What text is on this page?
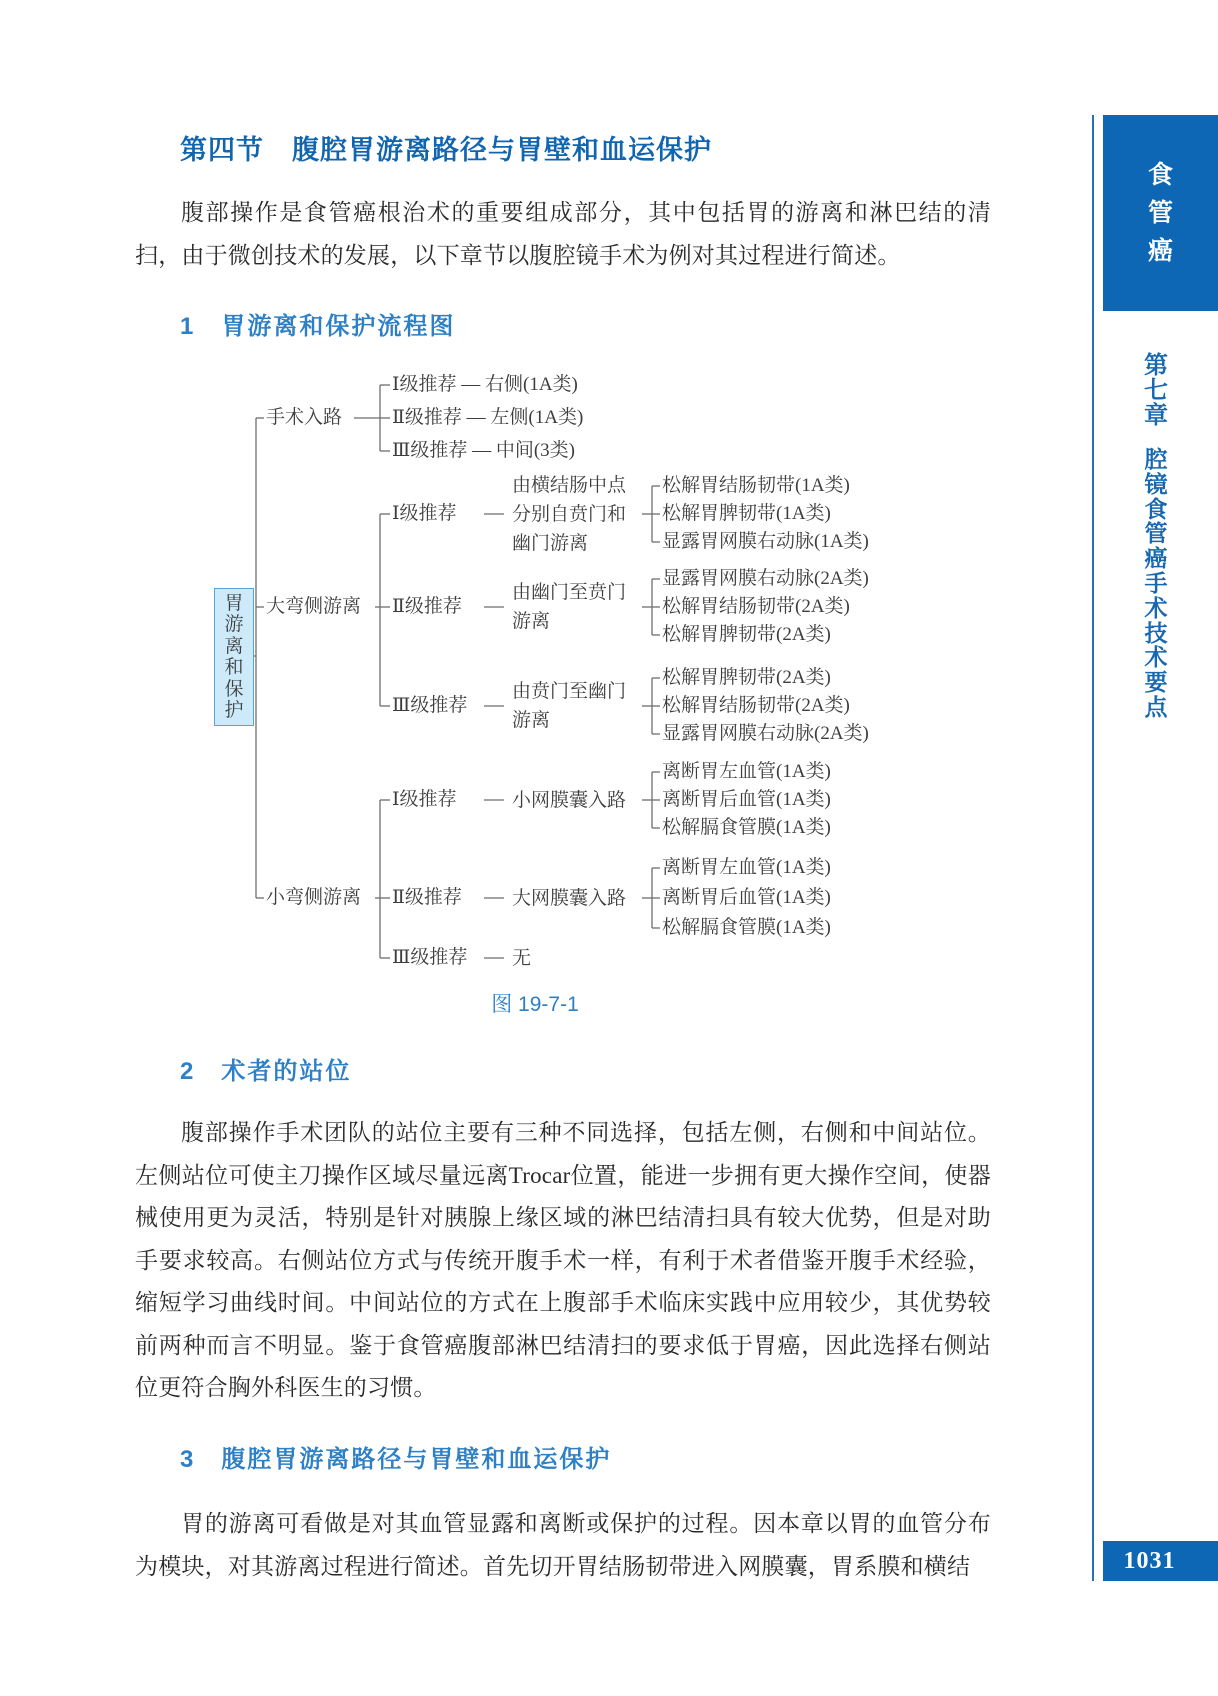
第四节　腹腔胃游离路径与胃壁和血运保护
腹部操作是食管癌根治术的重要组成部分，其中包括胃的游离和淋巴结的清扫，由于微创技术的发展，以下章节以腹腔镜手术为例对其过程进行简述。
1　胃游离和保护流程图
胃游离和保护
手术入路
Ⅰ级推荐 — 右侧(1A类)
Ⅱ级推荐 — 左侧(1A类)
Ⅲ级推荐 — 中间(3类)
大弯侧游离
Ⅰ级推荐
由横结肠中点
分别自贲门和
幽门游离
松解胃结肠韧带(1A类)
松解胃脾韧带(1A类)
显露胃网膜右动脉(1A类)
Ⅱ级推荐
由幽门至贲门
游离
显露胃网膜右动脉(2A类)
松解胃结肠韧带(2A类)
松解胃脾韧带(2A类)
Ⅲ级推荐
由贲门至幽门
游离
松解胃脾韧带(2A类)
松解胃结肠韧带(2A类)
显露胃网膜右动脉(2A类)
小弯侧游离
Ⅰ级推荐	小网膜囊入路
离断胃左血管(1A类)
离断胃后血管(1A类)
松解膈食管膜(1A类)
Ⅱ级推荐	大网膜囊入路
离断胃左血管(1A类)
离断胃后血管(1A类)
松解膈食管膜(1A类)
Ⅲ级推荐 无
图 19-7-1
2　术者的站位
腹部操作手术团队的站位主要有三种不同选择，包括左侧，右侧和中间站位。左侧站位可使主刀操作区域尽量远离Trocar位置，能进一步拥有更大操作空间，使器械使用更为灵活，特别是针对胰腺上缘区域的淋巴结清扫具有较大优势，但是对助手要求较高。右侧站位方式与传统开腹手术一样，有利于术者借鉴开腹手术经验，缩短学习曲线时间。中间站位的方式在上腹部手术临床实践中应用较少，其优势较前两种而言不明显。鉴于食管癌腹部淋巴结清扫的要求低于胃癌，因此选择右侧站位更符合胸外科医生的习惯。
3　腹腔胃游离路径与胃壁和血运保护
胃的游离可看做是对其血管显露和离断或保护的过程。因本章以胃的血管分布为模块，对其游离过程进行简述。首先切开胃结肠韧带进入网膜囊，胃系膜和横结
食管癌
第七章
腔镜食管癌手术技术要点
1031
